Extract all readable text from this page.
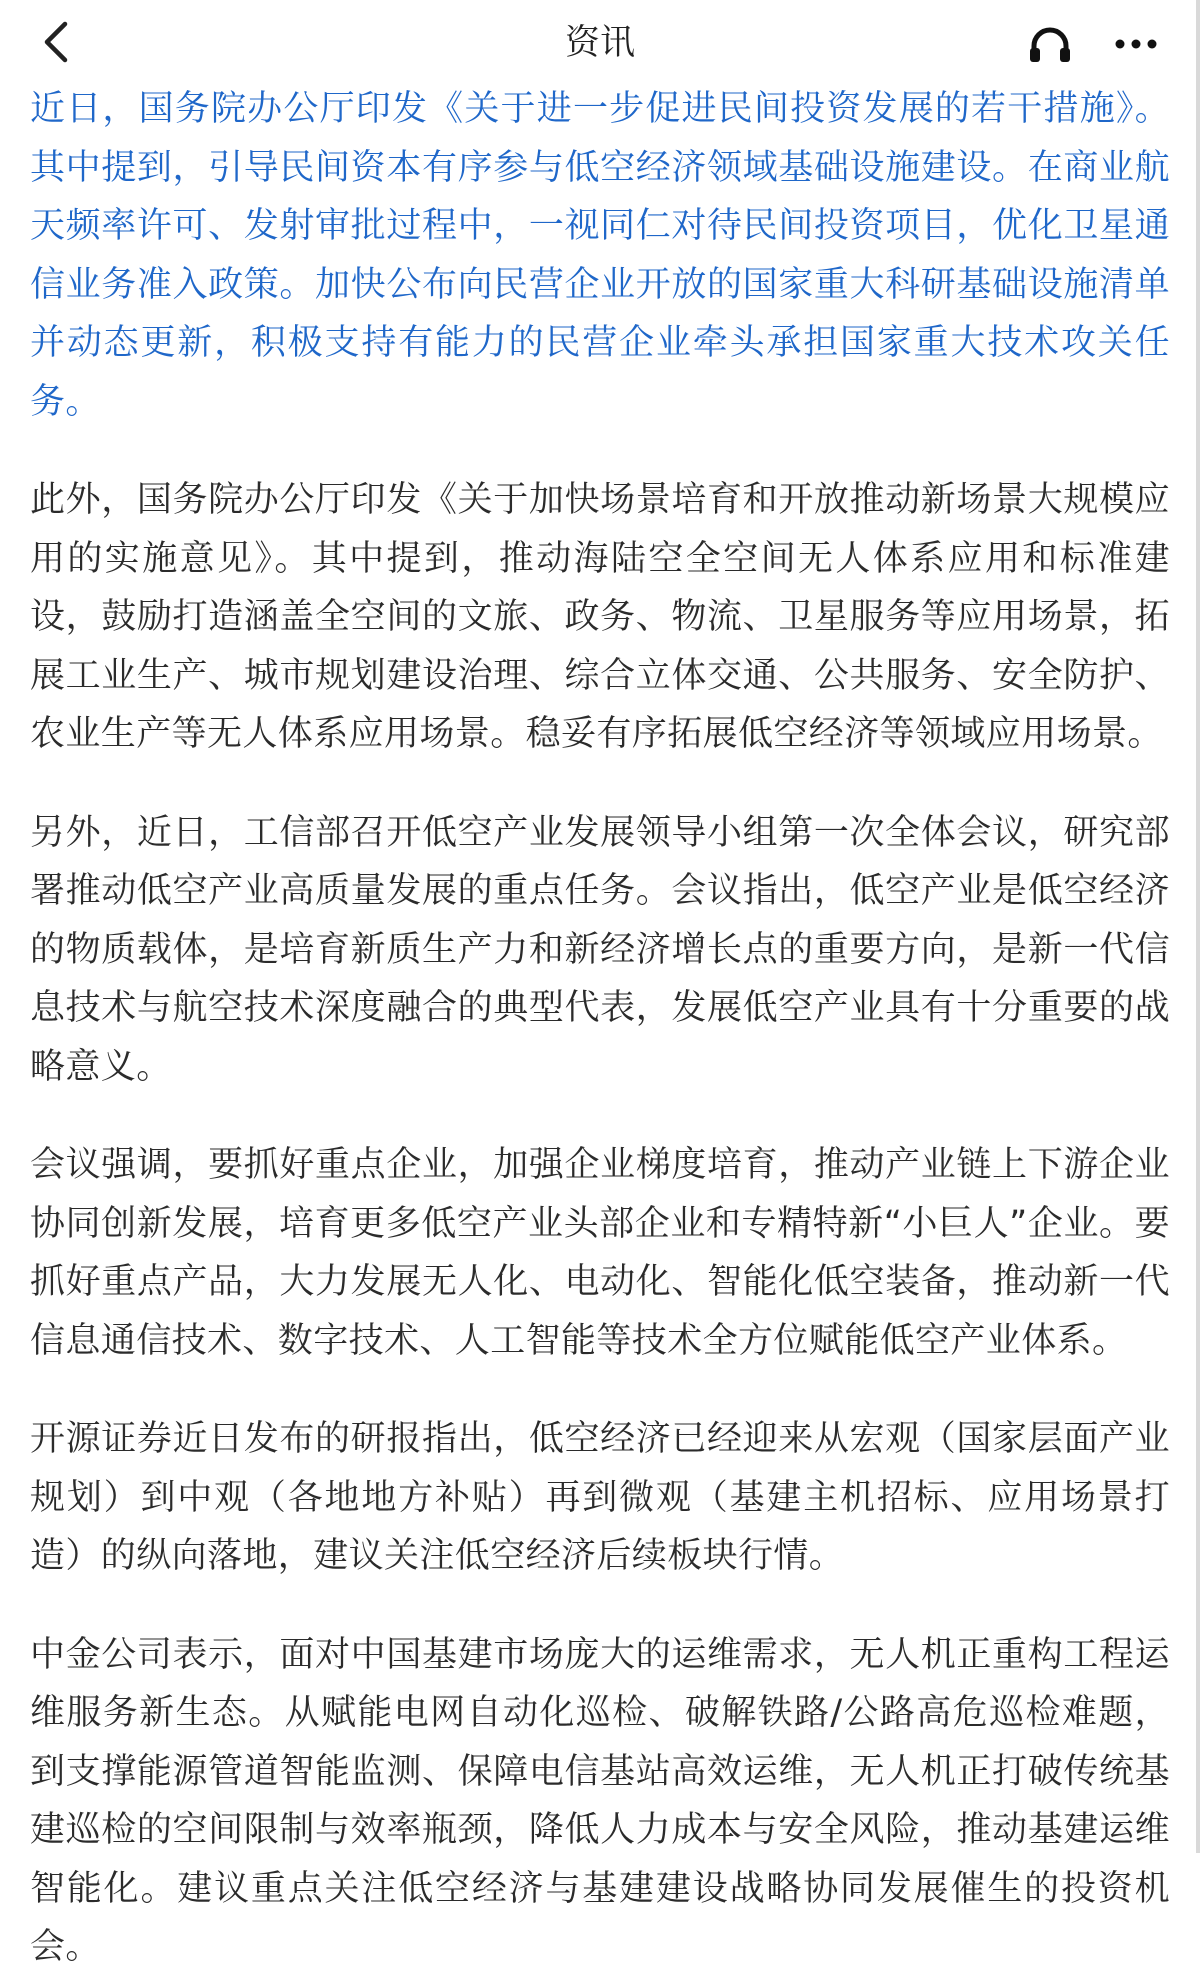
资讯

近日，国务院办公厅印发《关于进一步促进民间投资发展的若干措施》。其中提到，引导民间资本有序参与低空经济领域基础设施建设。在商业航天频率许可、发射审批过程中，一视同仁对待民间投资项目，优化卫星通信业务准入政策。加快公布向民营企业开放的国家重大科研基础设施清单并动态更新，积极支持有能力的民营企业牵头承担国家重大技术攻关任务。

此外，国务院办公厅印发《关于加快场景培育和开放推动新场景大规模应用的实施意见》。其中提到，推动海陆空全空间无人体系应用和标准建设，鼓励打造涵盖全空间的文旅、政务、物流、卫星服务等应用场景，拓展工业生产、城市规划建设治理、综合立体交通、公共服务、安全防护、农业生产等无人体系应用场景。稳妥有序拓展低空经济等领域应用场景。

另外，近日，工信部召开低空产业发展领导小组第一次全体会议，研究部署推动低空产业高质量发展的重点任务。会议指出，低空产业是低空经济的物质载体，是培育新质生产力和新经济增长点的重要方向，是新一代信息技术与航空技术深度融合的典型代表，发展低空产业具有十分重要的战略意义。

会议强调，要抓好重点企业，加强企业梯度培育，推动产业链上下游企业协同创新发展，培育更多低空产业头部企业和专精特新“小巨人”企业。要抓好重点产品，大力发展无人化、电动化、智能化低空装备，推动新一代信息通信技术、数字技术、人工智能等技术全方位赋能低空产业体系。

开源证券近日发布的研报指出，低空经济已经迎来从宏观（国家层面产业规划）到中观（各地地方补贴）再到微观（基建主机招标、应用场景打造）的纵向落地，建议关注低空经济后续板块行情。

中金公司表示，面对中国基建市场庞大的运维需求，无人机正重构工程运维服务新生态。从赋能电网自动化巡检、破解铁路/公路高危巡检难题，到支撑能源管道智能监测、保障电信基站高效运维，无人机正打破传统基建巡检的空间限制与效率瓶颈，降低人力成本与安全风险，推动基建运维智能化。建议重点关注低空经济与基建建设战略协同发展催生的投资机会。
